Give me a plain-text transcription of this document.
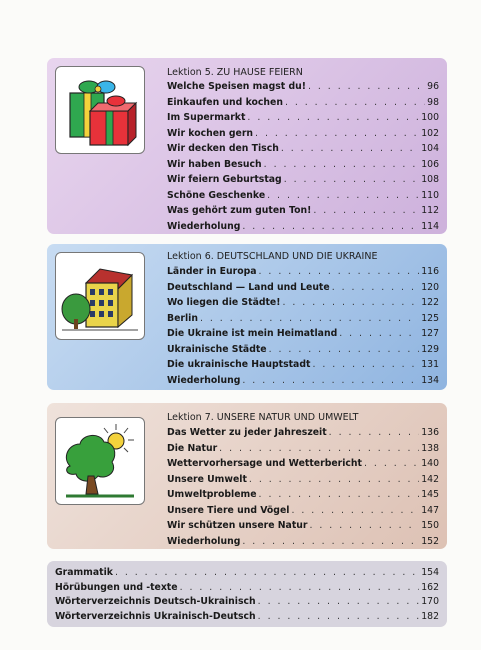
Lektion 5. ZU HAUSE FEIERN
Welche Speisen magst du! . . .	96
Einkaufen und kochen . . .	98
Im Supermarkt . . .	100
Wir kochen gern . . .	102
Wir decken den Tisch . . .	104
Wir haben Besuch . . .	106
Wir feiern Geburtstag . . .	108
Schöne Geschenke . . .	110
Was gehört zum guten Ton! . . .	112
Wiederholung . . .	114
Lektion 6. DEUTSCHLAND UND DIE UKRAINE
Länder in Europa . . .	116
Deutschland — Land und Leute . . .	120
Wo liegen die Städte! . . .	122
Berlin . . .	125
Die Ukraine ist mein Heimatland . . .	127
Ukrainische Städte . . .	129
Die ukrainische Hauptstadt . . .	131
Wiederholung . . .	134
Lektion 7. UNSERE NATUR UND UMWELT
Das Wetter zu jeder Jahreszeit . . .	136
Die Natur . . .	138
Wettervorhersage und Wetterbericht . . .	140
Unsere Umwelt . . .	142
Umweltprobleme . . .	145
Unsere Tiere und Vögel . . .	147
Wir schützen unsere Natur . . .	150
Wiederholung . . .	152
Grammatik . . .	154
Hörübungen und -texte . . .	162
Wörterverzeichnis Deutsch-Ukrainisch . . .	170
Wörterverzeichnis Ukrainisch-Deutsch . . .	182
